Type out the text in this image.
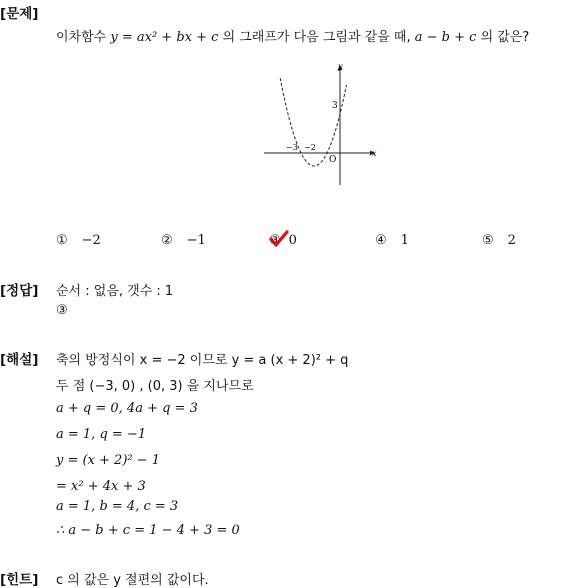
[문제]
이차함수 y = ax² + bx + c 의 그래프가 다음 그림과 같을 때, a − b + c 의 값은?
y
x
O
3
−3 −2
① −2	② −1	③ 0	④ 1	⑤ 2
[정답] 순서 : 없음, 갯수 : 1
③
[해설] 축의 방정식이 x = −2 이므로 y = a (x + 2)² + q
두 점 (−3, 0) , (0, 3) 을 지나므로
a + q = 0, 4a + q = 3
a = 1, q = −1
y = (x + 2)² − 1
= x² + 4x + 3
a = 1, b = 4, c = 3
∴ a − b + c = 1 − 4 + 3 = 0
[힌트] c 의 값은 y 절편의 값이다.
